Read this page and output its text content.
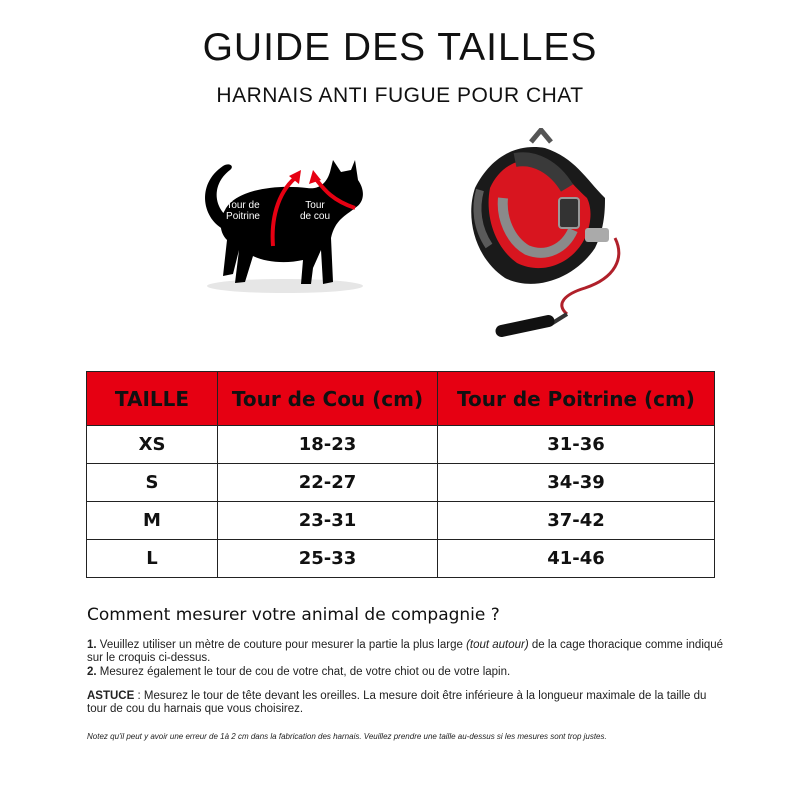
GUIDE DES TAILLES
HARNAIS ANTI FUGUE POUR CHAT
Tour de
Poitrine
Tour
de cou
TAILLE	Tour de Cou (cm)	Tour de Poitrine (cm)
XS	18-23	31-36
S	22-27	34-39
M	23-31	37-42
L	25-33	41-46
Comment mesurer votre animal de compagnie ?
1. Veuillez utiliser un mètre de couture pour mesurer la partie la plus large (tout autour) de la cage thoracique comme indiqué sur le croquis ci-dessus.
2. Mesurez également le tour de cou de votre chat, de votre chiot ou de votre lapin.
ASTUCE : Mesurez le tour de tête devant les oreilles. La mesure doit être inférieure à la longueur maximale de la taille du tour de cou du harnais que vous choisirez.
Notez qu'il peut y avoir une erreur de 1à 2 cm dans la fabrication des harnais. Veuillez prendre une taille au-dessus si les mesures sont trop justes.
